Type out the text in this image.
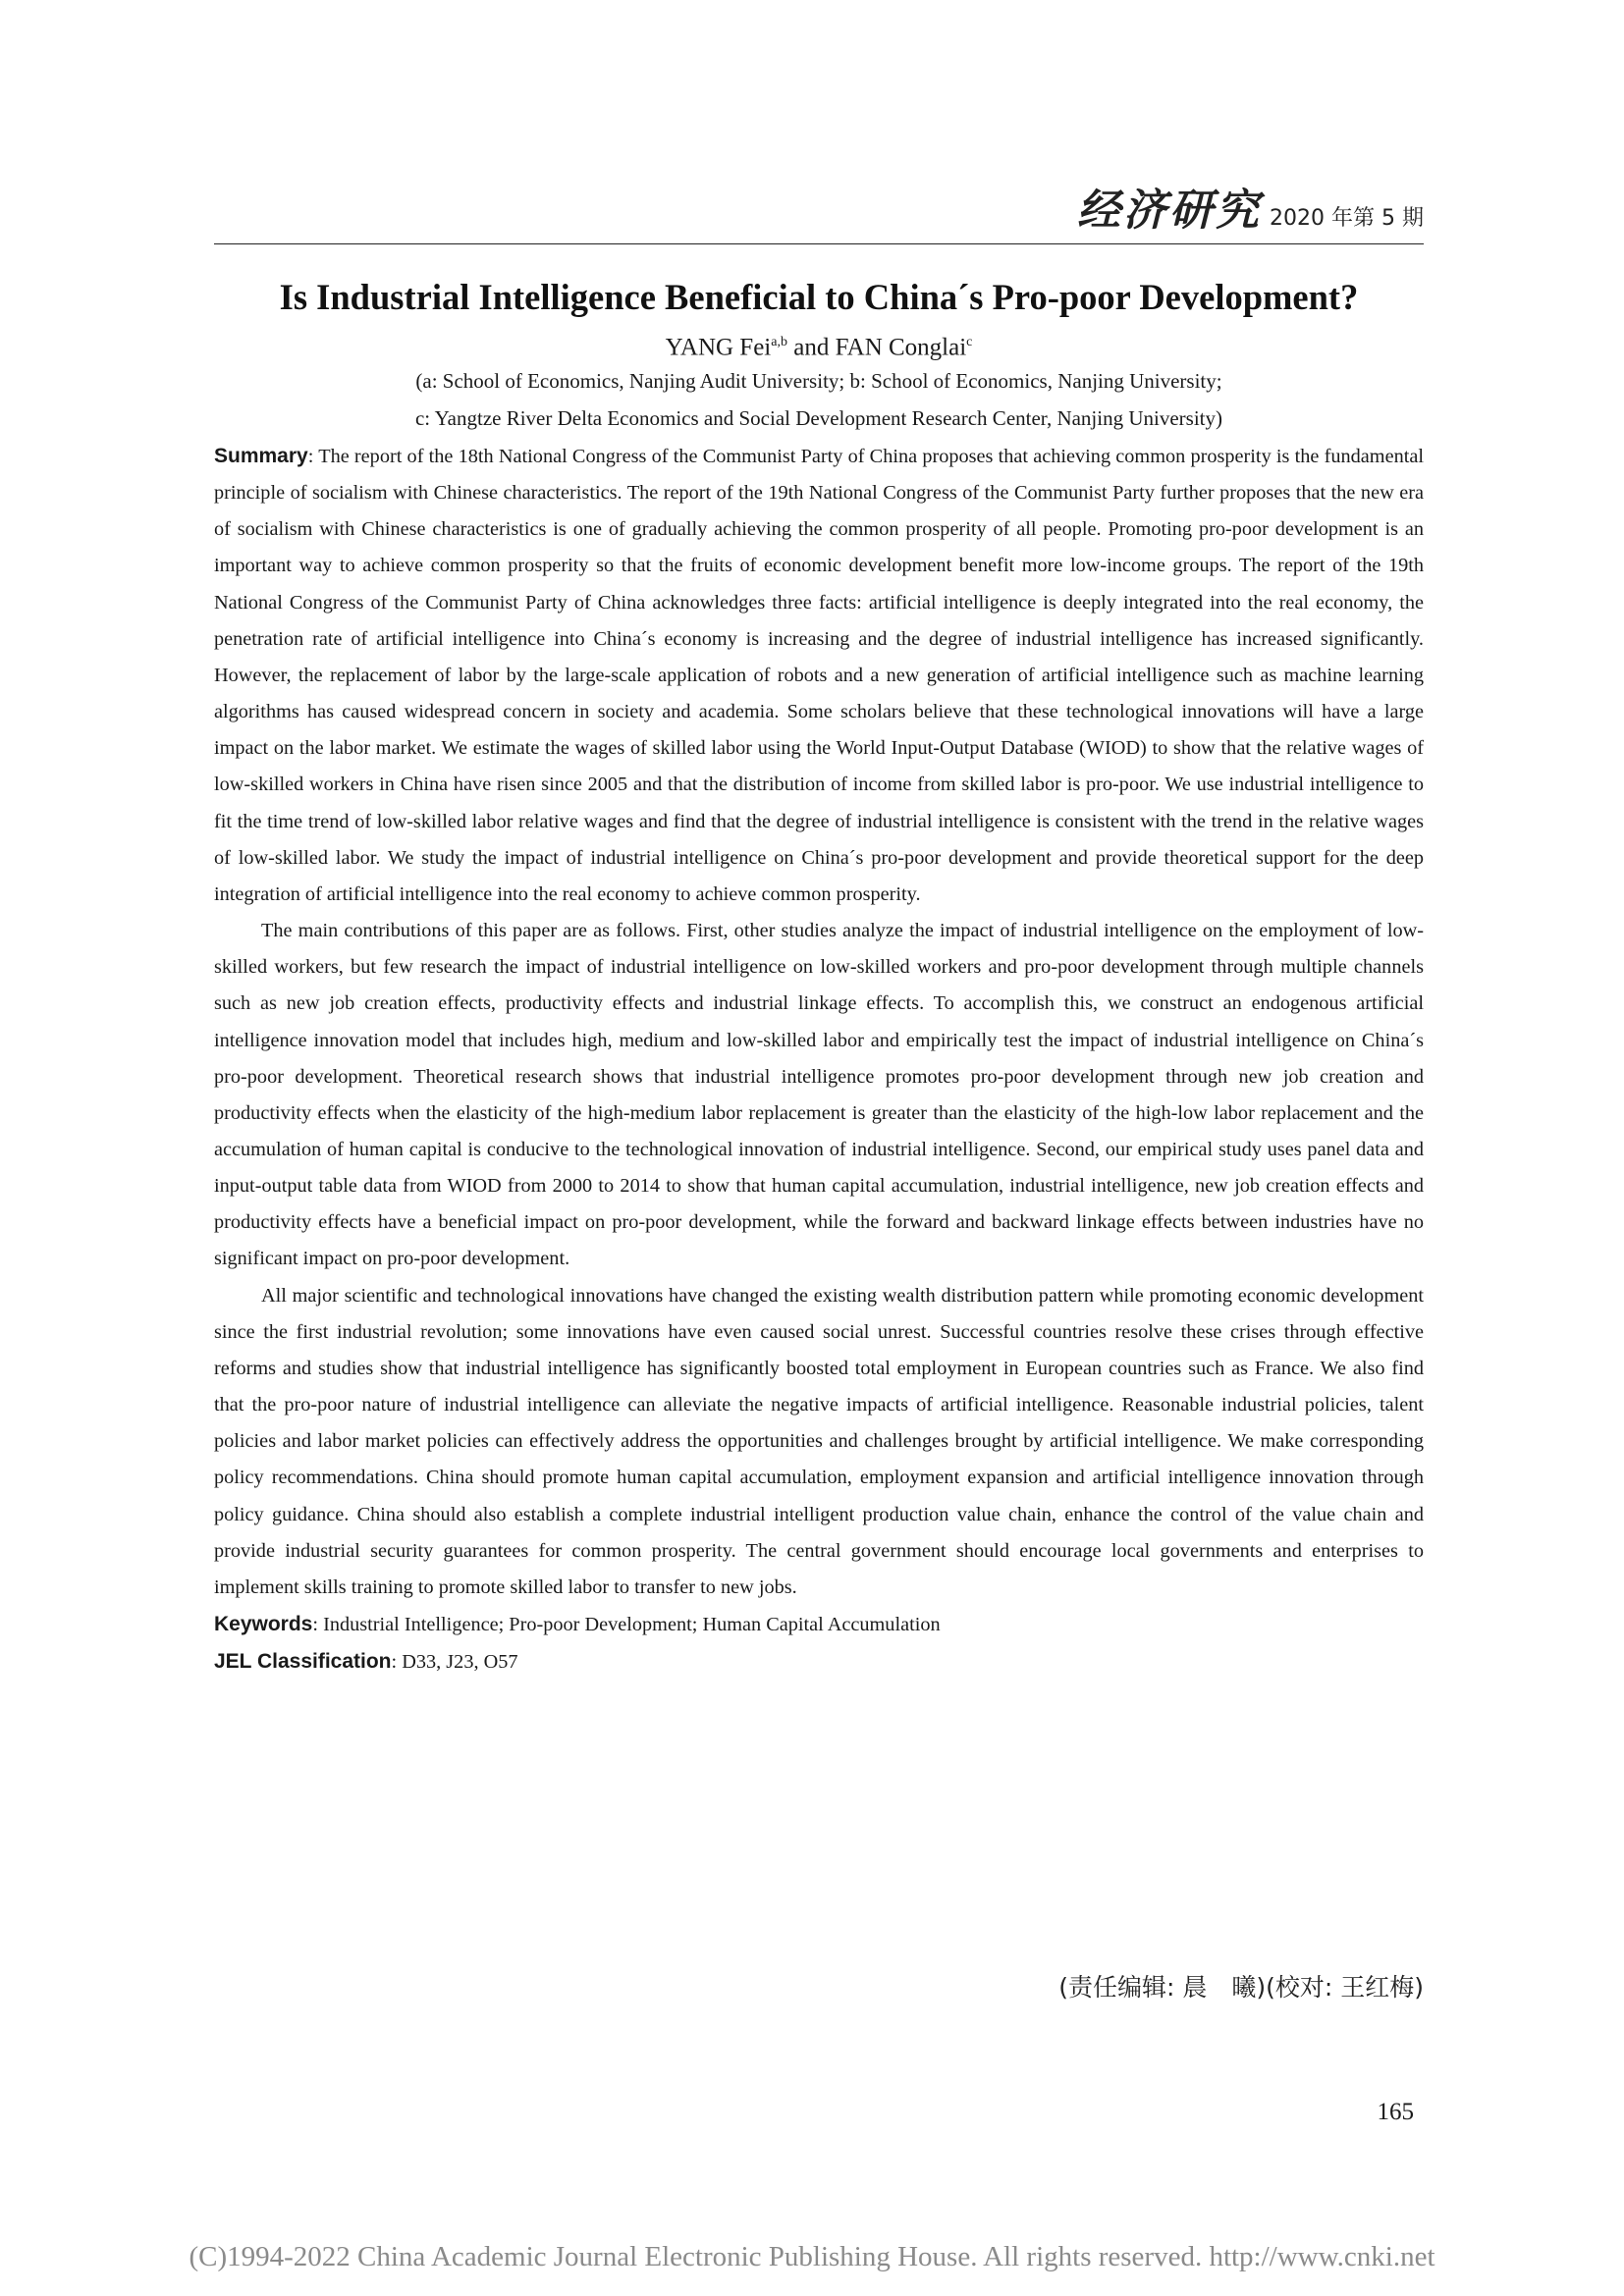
经济研究 2020 年第 5 期
Is Industrial Intelligence Beneficial to China´s Pro-poor Development?
YANG Fei$^{a,b}$ and FAN Conglai$^c$
(a: School of Economics, Nanjing Audit University; b: School of Economics, Nanjing University;
c: Yangtze River Delta Economics and Social Development Research Center, Nanjing University)

Summary: The report of the 18th National Congress of the Communist Party of China proposes that achieving common prosperity is the fundamental principle of socialism with Chinese characteristics. The report of the 19th National Congress of the Communist Party further proposes that the new era of socialism with Chinese characteristics is one of gradually achieving the common prosperity of all people. Promoting pro-poor development is an important way to achieve common prosperity so that the fruits of economic development benefit more low-income groups. The report of the 19th National Congress of the Communist Party of China acknowledges three facts: artificial intelligence is deeply integrated into the real economy, the penetration rate of artificial intelligence into China´s economy is increasing and the degree of industrial intelligence has increased significantly. However, the replacement of labor by the large-scale application of robots and a new generation of artificial intelligence such as machine learning algorithms has caused widespread concern in society and academia. Some scholars believe that these technological innovations will have a large impact on the labor market. We estimate the wages of skilled labor using the World Input-Output Database (WIOD) to show that the relative wages of low-skilled workers in China have risen since 2005 and that the distribution of income from skilled labor is pro-poor. We use industrial intelligence to fit the time trend of low-skilled labor relative wages and find that the degree of industrial intelligence is consistent with the trend in the relative wages of low-skilled labor. We study the impact of industrial intelligence on China´s pro-poor development and provide theoretical support for the deep integration of artificial intelligence into the real economy to achieve common prosperity.

The main contributions of this paper are as follows. First, other studies analyze the impact of industrial intelligence on the employment of low-skilled workers, but few research the impact of industrial intelligence on low-skilled workers and pro-poor development through multiple channels such as new job creation effects, productivity effects and industrial linkage effects. To accomplish this, we construct an endogenous artificial intelligence innovation model that includes high, medium and low-skilled labor and empirically test the impact of industrial intelligence on China´s pro-poor development. Theoretical research shows that industrial intelligence promotes pro-poor development through new job creation and productivity effects when the elasticity of the high-medium labor replacement is greater than the elasticity of the high-low labor replacement and the accumulation of human capital is conducive to the technological innovation of industrial intelligence. Second, our empirical study uses panel data and input-output table data from WIOD from 2000 to 2014 to show that human capital accumulation, industrial intelligence, new job creation effects and productivity effects have a beneficial impact on pro-poor development, while the forward and backward linkage effects between industries have no significant impact on pro-poor development.

All major scientific and technological innovations have changed the existing wealth distribution pattern while promoting economic development since the first industrial revolution; some innovations have even caused social unrest. Successful countries resolve these crises through effective reforms and studies show that industrial intelligence has significantly boosted total employment in European countries such as France. We also find that the pro-poor nature of industrial intelligence can alleviate the negative impacts of artificial intelligence. Reasonable industrial policies, talent policies and labor market policies can effectively address the opportunities and challenges brought by artificial intelligence. We make corresponding policy recommendations. China should promote human capital accumulation, employment expansion and artificial intelligence innovation through policy guidance. China should also establish a complete industrial intelligent production value chain, enhance the control of the value chain and provide industrial security guarantees for common prosperity. The central government should encourage local governments and enterprises to implement skills training to promote skilled labor to transfer to new jobs.

Keywords: Industrial Intelligence; Pro-poor Development; Human Capital Accumulation

JEL Classification: D33, J23, O57

(责任编辑: 晨　曦)(校对: 王红梅)
165
(C)1994-2022 China Academic Journal Electronic Publishing House. All rights reserved. http://www.cnki.net
